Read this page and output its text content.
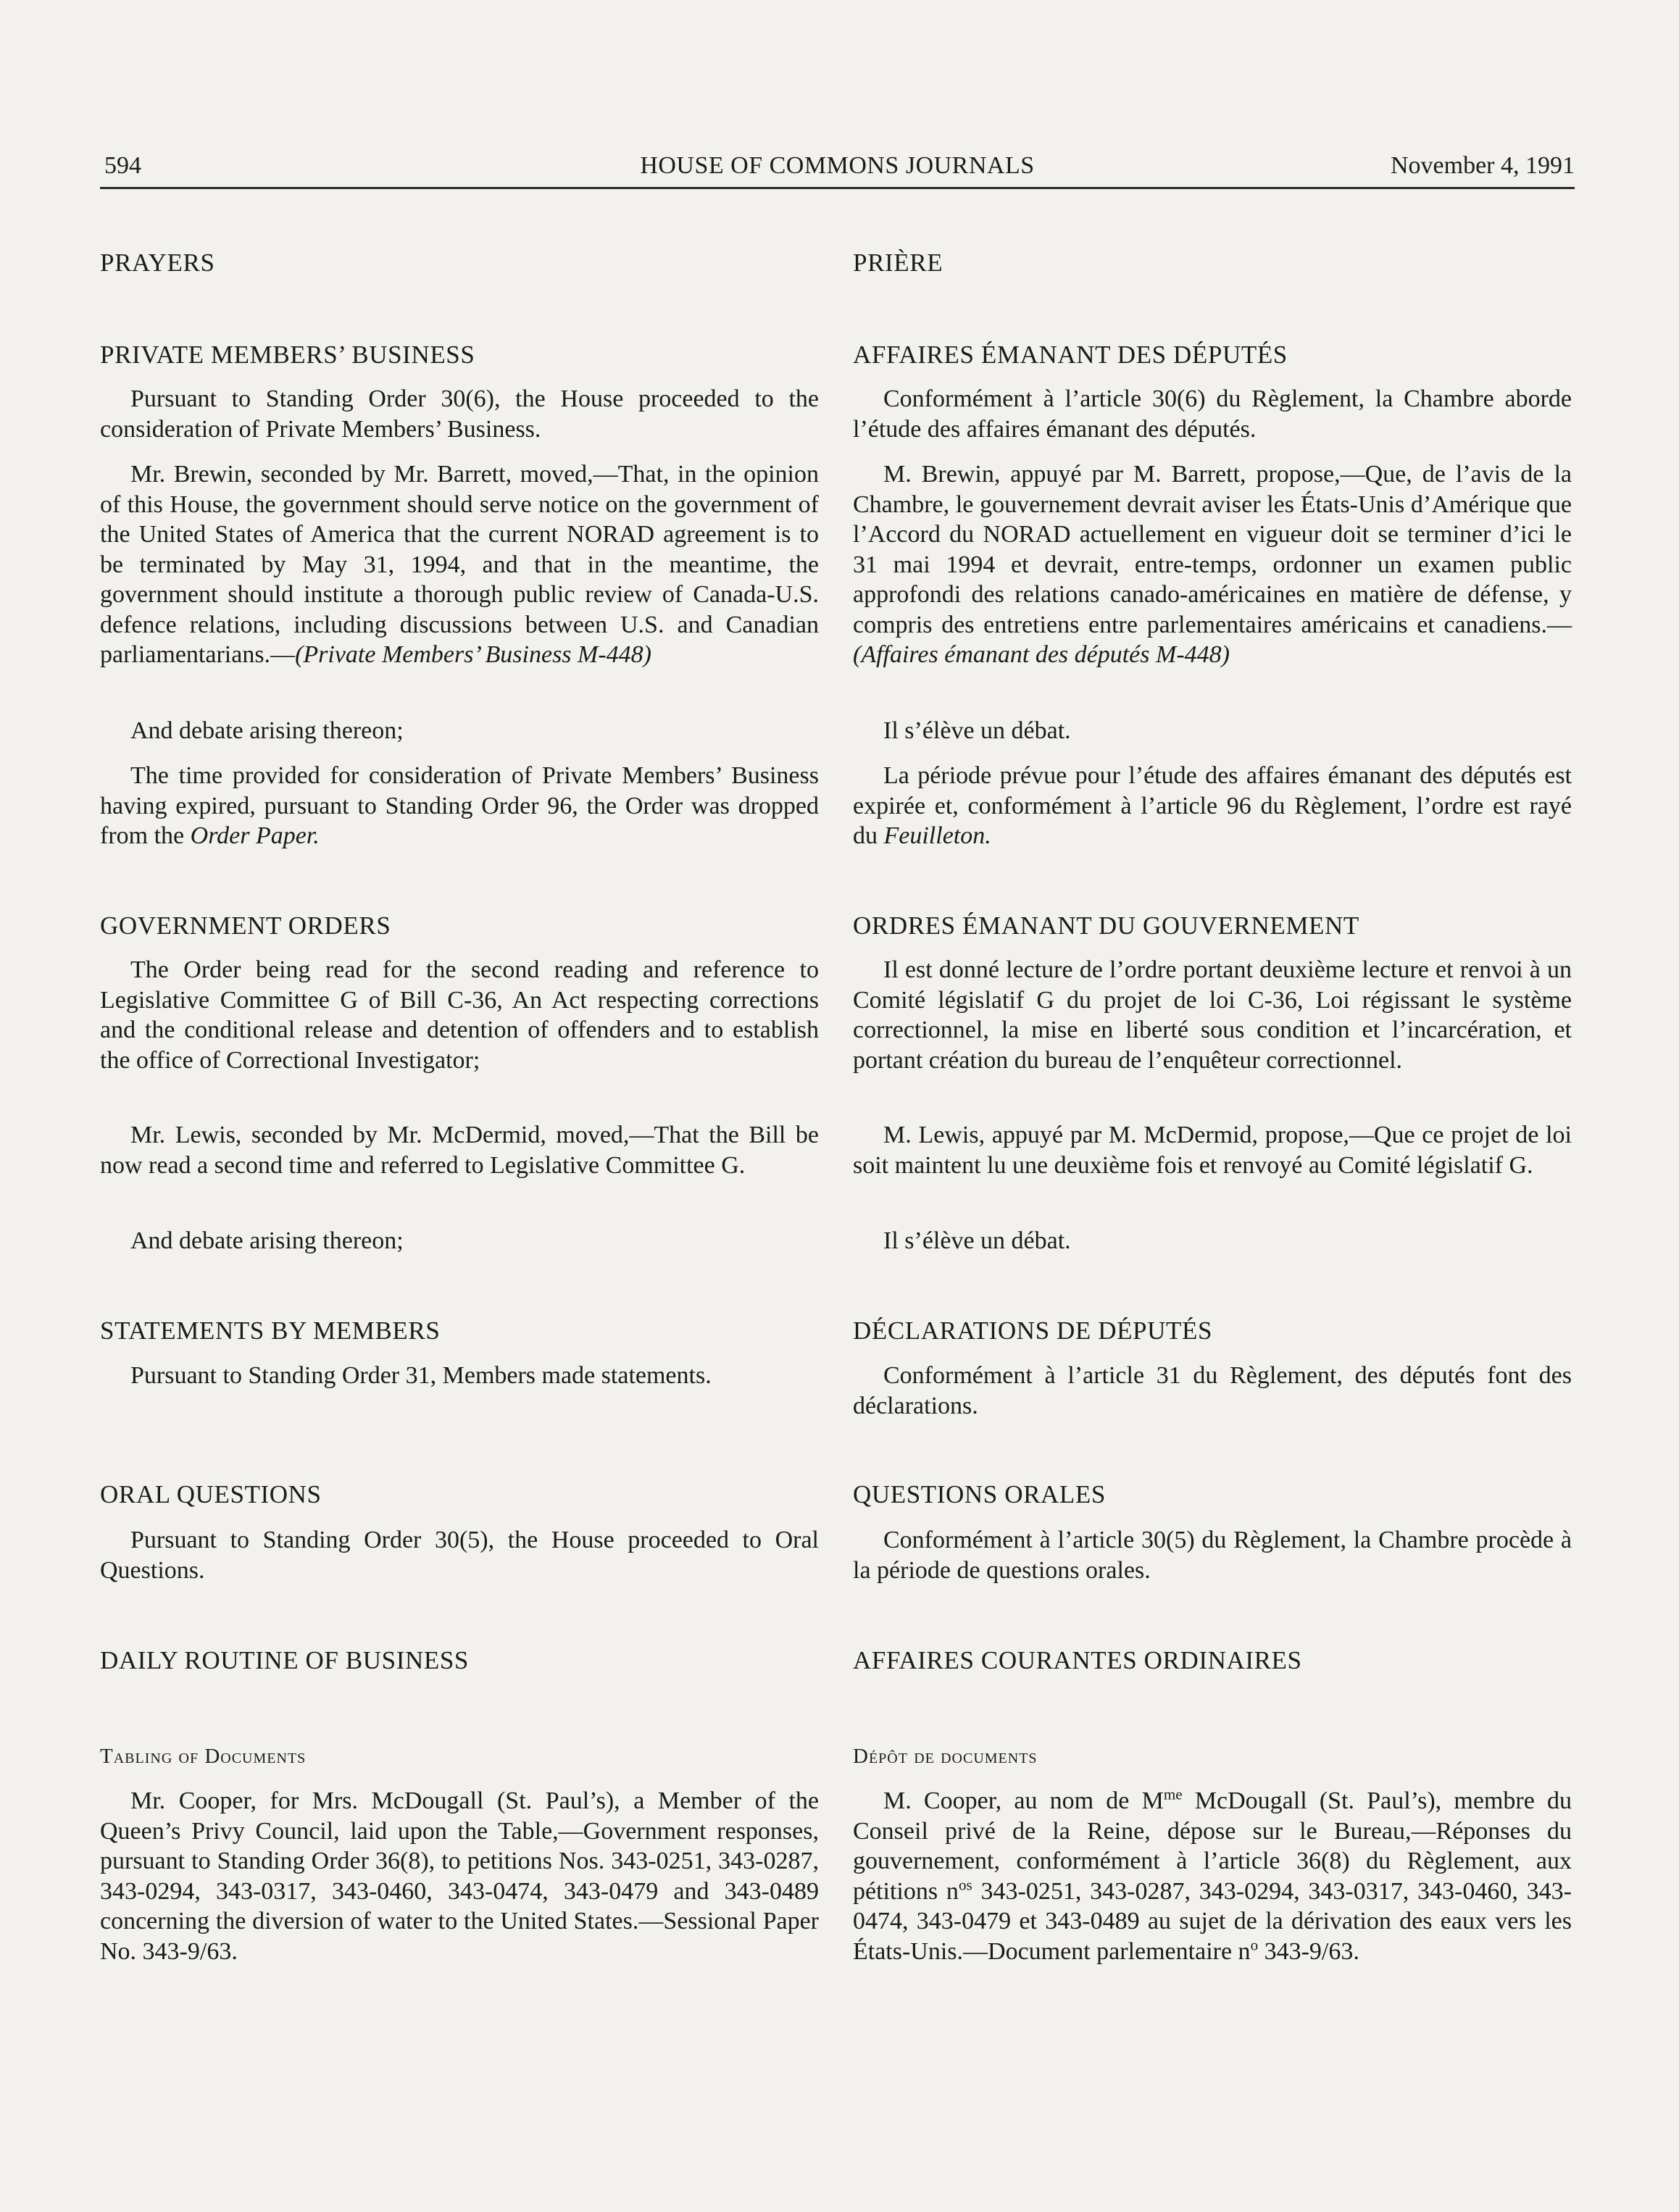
594	HOUSE OF COMMONS JOURNALS	November 4, 1991
PRAYERS
PRIVATE MEMBERS’ BUSINESS

Pursuant to Standing Order 30(6), the House proceeded to the consideration of Private Members’ Business.

Mr. Brewin, seconded by Mr. Barrett, moved,—That, in the opinion of this House, the government should serve notice on the government of the United States of America that the current NORAD agreement is to be terminated by May 31, 1994, and that in the meantime, the government should institute a thorough public review of Canada-U.S. defence relations, including discussions between U.S. and Canadian parliamentarians.—(Private Members’ Business M-448)

And debate arising thereon;

The time provided for consideration of Private Members’ Business having expired, pursuant to Standing Order 96, the Order was dropped from the Order Paper.

GOVERNMENT ORDERS

The Order being read for the second reading and reference to Legislative Committee G of Bill C-36, An Act respecting corrections and the conditional release and detention of offenders and to establish the office of Correctional Investigator;

Mr. Lewis, seconded by Mr. McDermid, moved,—That the Bill be now read a second time and referred to Legislative Committee G.

And debate arising thereon;

STATEMENTS BY MEMBERS

Pursuant to Standing Order 31, Members made statements.

ORAL QUESTIONS

Pursuant to Standing Order 30(5), the House proceeded to Oral Questions.

DAILY ROUTINE OF BUSINESS
Tabling of Documents

Mr. Cooper, for Mrs. McDougall (St. Paul’s), a Member of the Queen’s Privy Council, laid upon the Table,—Government responses, pursuant to Standing Order 36(8), to petitions Nos. 343-0251, 343-0287, 343-0294, 343-0317, 343-0460, 343-0474, 343-0479 and 343-0489 concerning the diversion of water to the United States.—Sessional Paper No. 343-9/63.

PRIÈRE
AFFAIRES ÉMANANT DES DÉPUTÉS

Conformément à l’article 30(6) du Règlement, la Chambre aborde l’étude des affaires émanant des députés.

M. Brewin, appuyé par M. Barrett, propose,—Que, de l’avis de la Chambre, le gouvernement devrait aviser les États-Unis d’Amérique que l’Accord du NORAD actuellement en vigueur doit se terminer d’ici le 31 mai 1994 et devrait, entre-temps, ordonner un examen public approfondi des relations canado-américaines en matière de défense, y compris des entretiens entre parlementaires américains et canadiens.—(Affaires émanant des députés M-448)

Il s’élève un débat.

La période prévue pour l’étude des affaires émanant des députés est expirée et, conformément à l’article 96 du Règlement, l’ordre est rayé du Feuilleton.

ORDRES ÉMANANT DU GOUVERNEMENT

Il est donné lecture de l’ordre portant deuxième lecture et renvoi à un Comité législatif G du projet de loi C-36, Loi régissant le système correctionnel, la mise en liberté sous condition et l’incarcération, et portant création du bureau de l’enquêteur correctionnel.

M. Lewis, appuyé par M. McDermid, propose,—Que ce projet de loi soit maintent lu une deuxième fois et renvoyé au Comité législatif G.

Il s’élève un débat.

DÉCLARATIONS DE DÉPUTÉS

Conformément à l’article 31 du Règlement, des députés font des déclarations.

QUESTIONS ORALES

Conformément à l’article 30(5) du Règlement, la Chambre procède à la période de questions orales.

AFFAIRES COURANTES ORDINAIRES
Dépôt de documents

M. Cooper, au nom de $M^{me}$ McDougall (St. Paul’s), membre du Conseil privé de la Reine, dépose sur le Bureau,—Réponses du gouvernement, conformément à l’article 36(8) du Règlement, aux pétitions $n^{os}$ 343-0251, 343-0287, 343-0294, 343-0317, 343-0460, 343-0474, 343-0479 et 343-0489 au sujet de la dérivation des eaux vers les États-Unis.—Document parlementaire $n^o$ 343-9/63.
